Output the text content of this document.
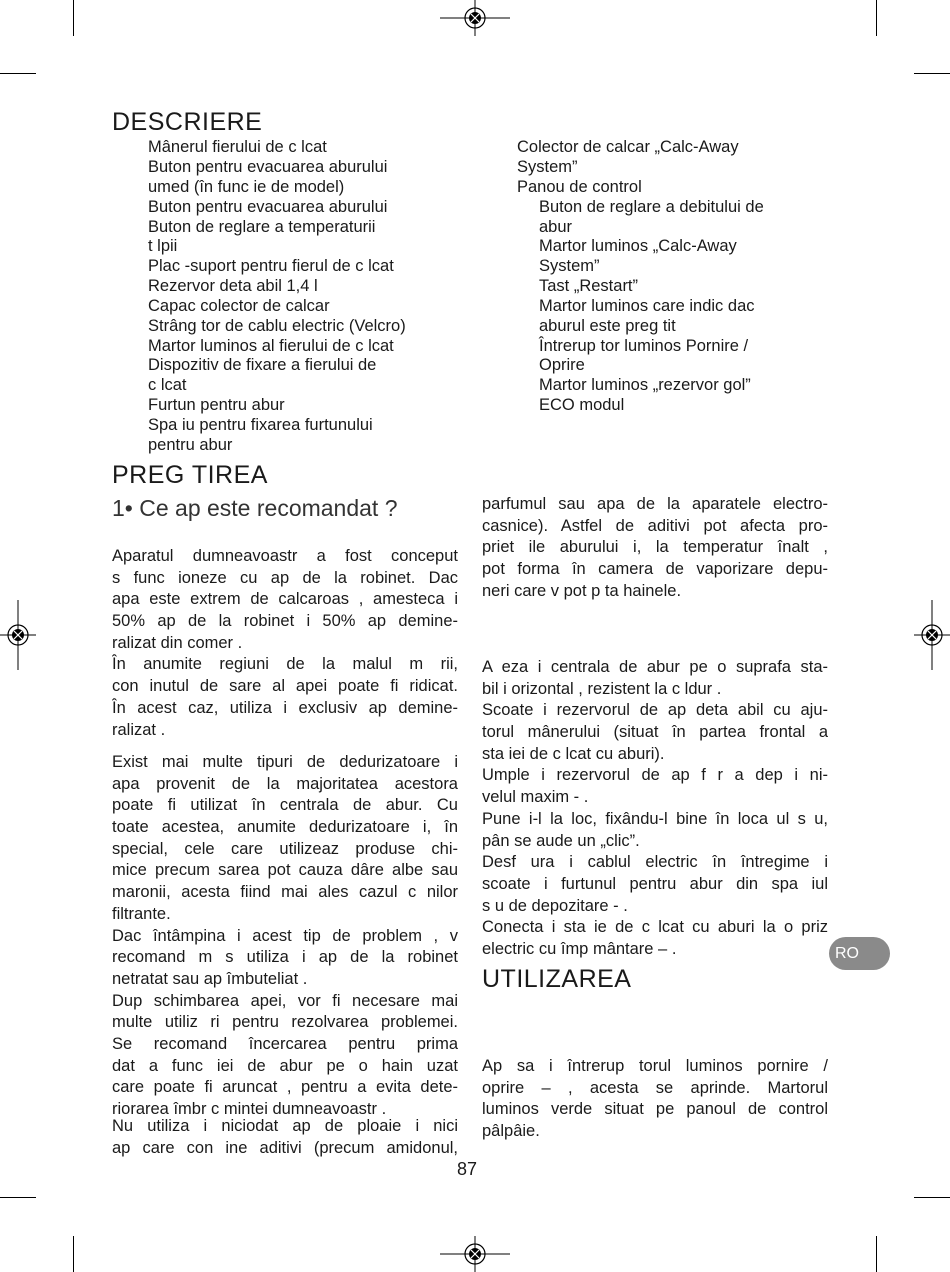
DESCRIERE
Mânerul fierului de c lcat
Buton pentru evacuarea aburului
umed (în func ie de model)
Buton pentru evacuarea aburului
Buton de reglare a temperaturii
t lpii
Plac -suport pentru fierul de c lcat
Rezervor deta abil 1,4 l
Capac colector de calcar
Strâng tor de cablu electric (Velcro)
Martor luminos al fierului de c lcat
Dispozitiv de fixare a fierului de
c lcat
Furtun pentru abur
Spa iu pentru fixarea furtunului
pentru abur
Colector de calcar „Calc-Away
System”
Panou de control
Buton de reglare a debitului de
abur
Martor luminos „Calc-Away
System”
Tast „Restart”
Martor luminos care indic dac
aburul este preg tit
Întrerup tor luminos Pornire /
Oprire
Martor luminos „rezervor gol”
ECO modul
PREG TIREA
1• Ce ap este recomandat ?
Aparatul dumneavoastr a fost conceput
s func ioneze cu ap de la robinet. Dac
apa este extrem de calcaroas , amesteca i
50% ap de la robinet i 50% ap demine-
ralizat din comer .
În anumite regiuni de la malul m rii,
con inutul de sare al apei poate fi ridicat.
În acest caz, utiliza i exclusiv ap demine-
ralizat .
Exist mai multe tipuri de dedurizatoare i
apa provenit de la majoritatea acestora
poate fi utilizat în centrala de abur. Cu
toate acestea, anumite dedurizatoare i, în
special, cele care utilizeaz produse chi-
mice precum sarea pot cauza dâre albe sau
maronii, acesta fiind mai ales cazul c nilor
filtrante.
Dac întâmpina i acest tip de problem , v
recomand m s utiliza i ap de la robinet
netratat sau ap îmbuteliat .
Dup schimbarea apei, vor fi necesare mai
multe utiliz ri pentru rezolvarea problemei.
Se recomand încercarea pentru prima
dat a func iei de abur pe o hain uzat
care poate fi aruncat , pentru a evita dete-
riorarea îmbr c mintei dumneavoastr .
Nu utiliza i niciodat ap de ploaie i nici
ap care con ine aditivi (precum amidonul,
parfumul sau apa de la aparatele electro-
casnice). Astfel de aditivi pot afecta pro-
priet ile aburului i, la temperatur înalt ,
pot forma în camera de vaporizare depu-
neri care v pot p ta hainele.
A eza i centrala de abur pe o suprafa sta-
bil i orizontal , rezistent la c ldur .
Scoate i rezervorul de ap deta abil cu aju-
torul mânerului (situat în partea frontal a
sta iei de c lcat cu aburi).
Umple i rezervorul de ap f r a dep i ni-
velul maxim - .
Pune i-l la loc, fixându-l bine în loca ul s u,
pân se aude un „clic”.
Desf ura i cablul electric în întregime i
scoate i furtunul pentru abur din spa iul
s u de depozitare - .
Conecta i sta ie de c lcat cu aburi la o priz
electric cu împ mântare – .
UTILIZAREA
Ap sa i întrerup torul luminos pornire /
oprire – , acesta se aprinde. Martorul
luminos verde situat pe panoul de control
pâlpâie.
RO
87
